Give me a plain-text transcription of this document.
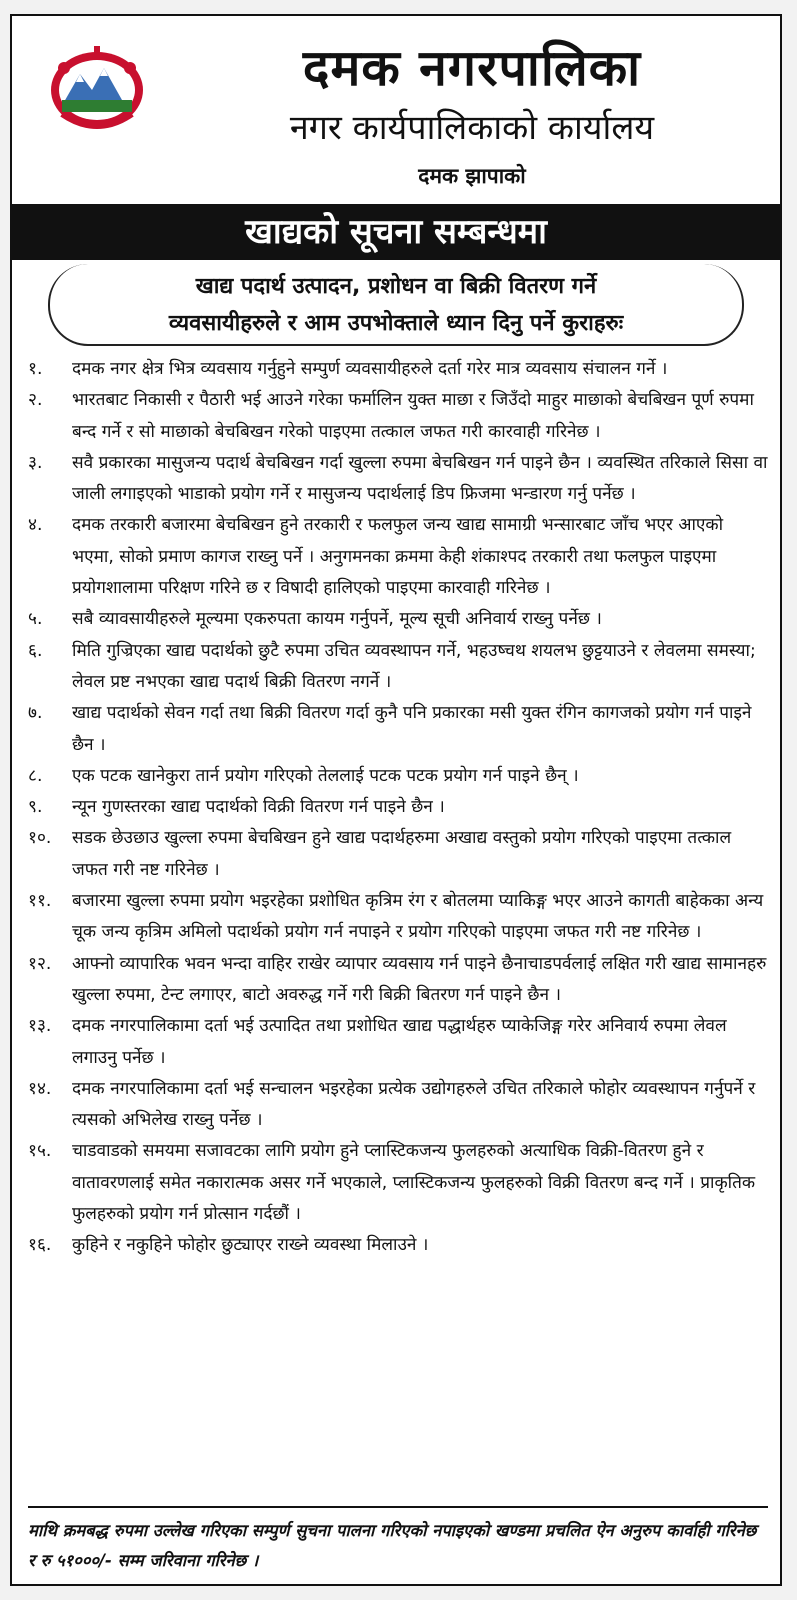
दमक नगरपालिका
नगर कार्यपालिकाको कार्यालय
दमक झापाको
खाद्यको सूचना सम्बन्धमा
खाद्य पदार्थ उत्पादन, प्रशोधन वा बिक्री वितरण गर्ने
व्यवसायीहरुले र आम उपभोक्ताले ध्यान दिनु पर्ने कुराहरुः
१.	दमक नगर क्षेत्र भित्र व्यवसाय गर्नुहुने सम्पुर्ण व्यवसायीहरुले दर्ता गरेर मात्र व्यवसाय संचालन गर्ने ।
२.	भारतबाट निकासी र पैठारी भई आउने गरेका फर्मालिन युक्त माछा र जिउँदो माहुर माछाको बेचबिखन पूर्ण रुपमा बन्द गर्ने र सो माछाको बेचबिखन गरेको पाइएमा तत्काल जफत गरी कारवाही गरिनेछ ।
३.	सवै प्रकारका मासुजन्य पदार्थ बेचबिखन गर्दा खुल्ला रुपमा बेचबिखन गर्न पाइने छैन । व्यवस्थित तरिकाले सिसा वा जाली लगाइएको भाडाको प्रयोग गर्ने र मासुजन्य पदार्थलाई डिप फ्रिजमा भन्डारण गर्नु पर्नेछ ।
४.	दमक तरकारी बजारमा बेचबिखन हुने तरकारी र फलफुल जन्य खाद्य सामाग्री भन्सारबाट जाँच भएर आएको भएमा, सोको प्रमाण कागज राख्नु पर्ने । अनुगमनका क्रममा केही शंकाश्पद तरकारी तथा फलफुल पाइएमा प्रयोगशालामा परिक्षण गरिने छ र विषादी हालिएको पाइएमा कारवाही गरिनेछ ।
५.	सबै व्यावसायीहरुले मूल्यमा एकरुपता कायम गर्नुपर्ने, मूल्य सूची अनिवार्य राख्नु पर्नेछ ।
६.	मिति गुज्रिएका खाद्य पदार्थको छुटै रुपमा उचित व्यवस्थापन गर्ने, भहउष्चथ शयलभ छुट्टयाउने र लेवलमा समस्या; लेवल प्रष्ट नभएका खाद्य पदार्थ बिक्री वितरण नगर्ने ।
७.	खाद्य पदार्थको सेवन गर्दा तथा बिक्री वितरण गर्दा कुनै पनि प्रकारका मसी युक्त रंगिन कागजको प्रयोग गर्न पाइने छैन ।
८.	एक पटक खानेकुरा तार्न प्रयोग गरिएको तेललाई पटक पटक प्रयोग गर्न पाइने छैन् ।
९.	न्यून गुणस्तरका खाद्य पदार्थको विक्री वितरण गर्न पाइने छैन ।
१०.	सडक छेउछाउ खुल्ला रुपमा बेचबिखन हुने खाद्य पदार्थहरुमा अखाद्य वस्तुको प्रयोग गरिएको पाइएमा तत्काल जफत गरी नष्ट गरिनेछ ।
११.	बजारमा खुल्ला रुपमा प्रयोग भइरहेका प्रशोधित कृत्रिम रंग र बोतलमा प्याकिङ्ग भएर आउने कागती बाहेकका अन्य चूक जन्य कृत्रिम अमिलो पदार्थको प्रयोग गर्न नपाइने र प्रयोग गरिएको पाइएमा जफत गरी नष्ट गरिनेछ ।
१२.	आफ्नो व्यापारिक भवन भन्दा वाहिर राखेर व्यापार व्यवसाय गर्न पाइने छैनाचाडपर्वलाई लक्षित गरी खाद्य सामानहरु खुल्ला रुपमा, टेन्ट लगाएर, बाटो अवरुद्ध गर्ने गरी बिक्री बितरण गर्न पाइने छैन ।
१३.	दमक नगरपालिकामा दर्ता भई उत्पादित तथा प्रशोधित खाद्य पद्धार्थहरु प्याकेजिङ्ग गरेर अनिवार्य रुपमा लेवल लगाउनु पर्नेछ ।
१४.	दमक नगरपालिकामा दर्ता भई सन्चालन भइरहेका प्रत्येक उद्योगहरुले उचित तरिकाले फोहोर व्यवस्थापन गर्नुपर्ने र त्यसको अभिलेख राख्नु पर्नेछ ।
१५.	चाडवाडको समयमा सजावटका लागि प्रयोग हुने प्लास्टिकजन्य फुलहरुको अत्याधिक विक्री-वितरण हुने र वातावरणलाई समेत नकारात्मक असर गर्ने भएकाले, प्लास्टिकजन्य फुलहरुको विक्री वितरण बन्द गर्ने । प्राकृतिक फुलहरुको प्रयोग गर्न प्रोत्सान गर्दछौं ।
१६.	कुहिने र नकुहिने फोहोर छुट्याएर राख्ने व्यवस्था मिलाउने ।
माथि क्रमबद्ध रुपमा उल्लेख गरिएका सम्पुर्ण सुचना पालना गरिएको नपाइएको खण्डमा प्रचलित ऐन अनुरुप कार्वाही गरिनेछ र रु ५१०००/- सम्म जरिवाना गरिनेछ ।
